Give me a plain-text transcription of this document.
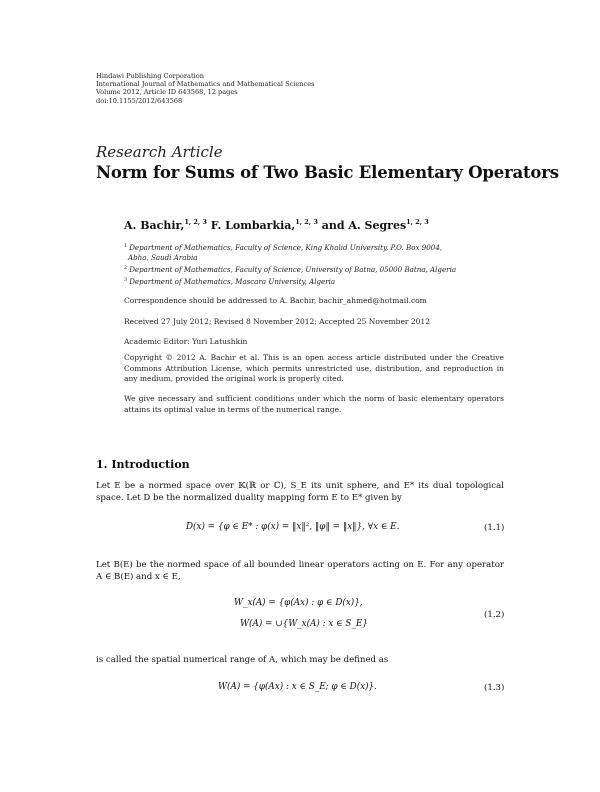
Hindawi Publishing Corporation
International Journal of Mathematics and Mathematical Sciences
Volume 2012, Article ID 643568, 12 pages
doi:10.1155/2012/643568
Research Article
Norm for Sums of Two Basic Elementary Operators
A. Bachir,$^{1, 2, 3}$ F. Lombarkia,$^{1, 2, 3}$ and A. Segres$^{1, 2, 3}$
$^1$ Department of Mathematics, Faculty of Science, King Khalid University, P.O. Box 9004,
Abha, Saudi Arabia
$^2$ Department of Mathematics, Faculty of Science, University of Batna, 05000 Batna, Algeria
$^3$ Department of Mathematics, Mascara University, Algeria
Correspondence should be addressed to A. Bachir, bachir_ahmed@hotmail.com
Received 27 July 2012; Revised 8 November 2012; Accepted 25 November 2012
Academic Editor: Yuri Latushkin
Copyright © 2012 A. Bachir et al. This is an open access article distributed under the Creative Commons Attribution License, which permits unrestricted use, distribution, and reproduction in any medium, provided the original work is properly cited.
We give necessary and sufficient conditions under which the norm of basic elementary operators attains its optimal value in terms of the numerical range.
1. Introduction
Let E be a normed space over 𝕂(ℝ or ℂ), S_E its unit sphere, and E* its dual topological space. Let D be the normalized duality mapping form E to E* given by
D(x) = {φ ∈ E* : φ(x) = ‖x‖², ‖φ‖ = ‖x‖}, ∀x ∈ E.	(1.1)
Let B(E) be the normed space of all bounded linear operators acting on E. For any operator A ∈ B(E) and x ∈ E,
W_x(A) = {φ(Ax) : φ ∈ D(x)},
W(A) = ∪{W_x(A) : x ∈ S_E}
(1.2)
is called the spatial numerical range of A, which may be defined as
W(A) = {φ(Ax) : x ∈ S_E; φ ∈ D(x)}.	(1.3)
